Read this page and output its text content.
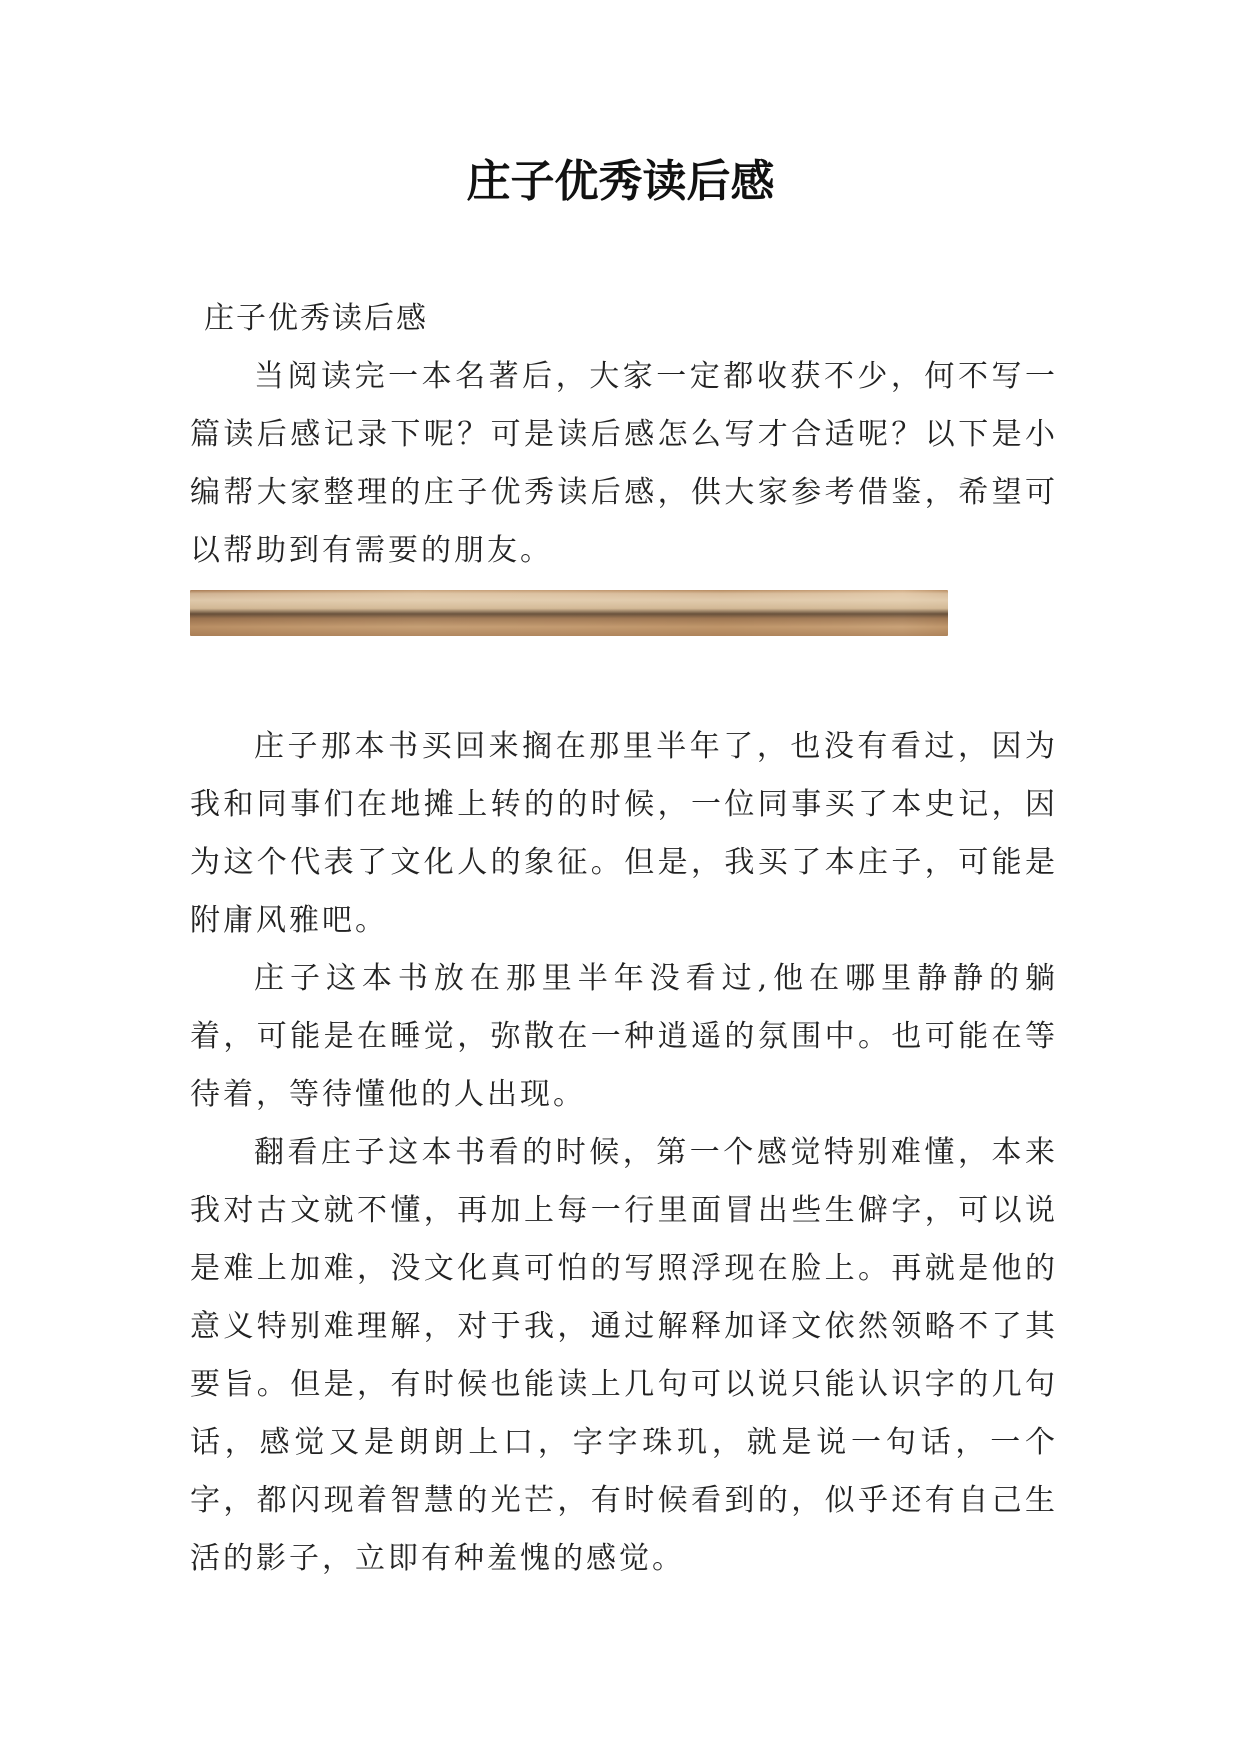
庄子优秀读后感

庄子优秀读后感

当阅读完一本名著后，大家一定都收获不少，何不写一篇读后感记录下呢？可是读后感怎么写才合适呢？以下是小编帮大家整理的庄子优秀读后感，供大家参考借鉴，希望可以帮助到有需要的朋友。

庄子那本书买回来搁在那里半年了，也没有看过，因为我和同事们在地摊上转的的时候，一位同事买了本史记，因为这个代表了文化人的象征。但是，我买了本庄子，可能是附庸风雅吧。

庄子这本书放在那里半年没看过,他在哪里静静的躺着，可能是在睡觉，弥散在一种逍遥的氛围中。也可能在等待着，等待懂他的人出现。

翻看庄子这本书看的时候，第一个感觉特别难懂，本来我对古文就不懂，再加上每一行里面冒出些生僻字，可以说是难上加难，没文化真可怕的写照浮现在脸上。再就是他的意义特别难理解，对于我，通过解释加译文依然领略不了其要旨。但是，有时候也能读上几句可以说只能认识字的几句话，感觉又是朗朗上口，字字珠玑，就是说一句话，一个字，都闪现着智慧的光芒，有时候看到的，似乎还有自己生活的影子，立即有种羞愧的感觉。
